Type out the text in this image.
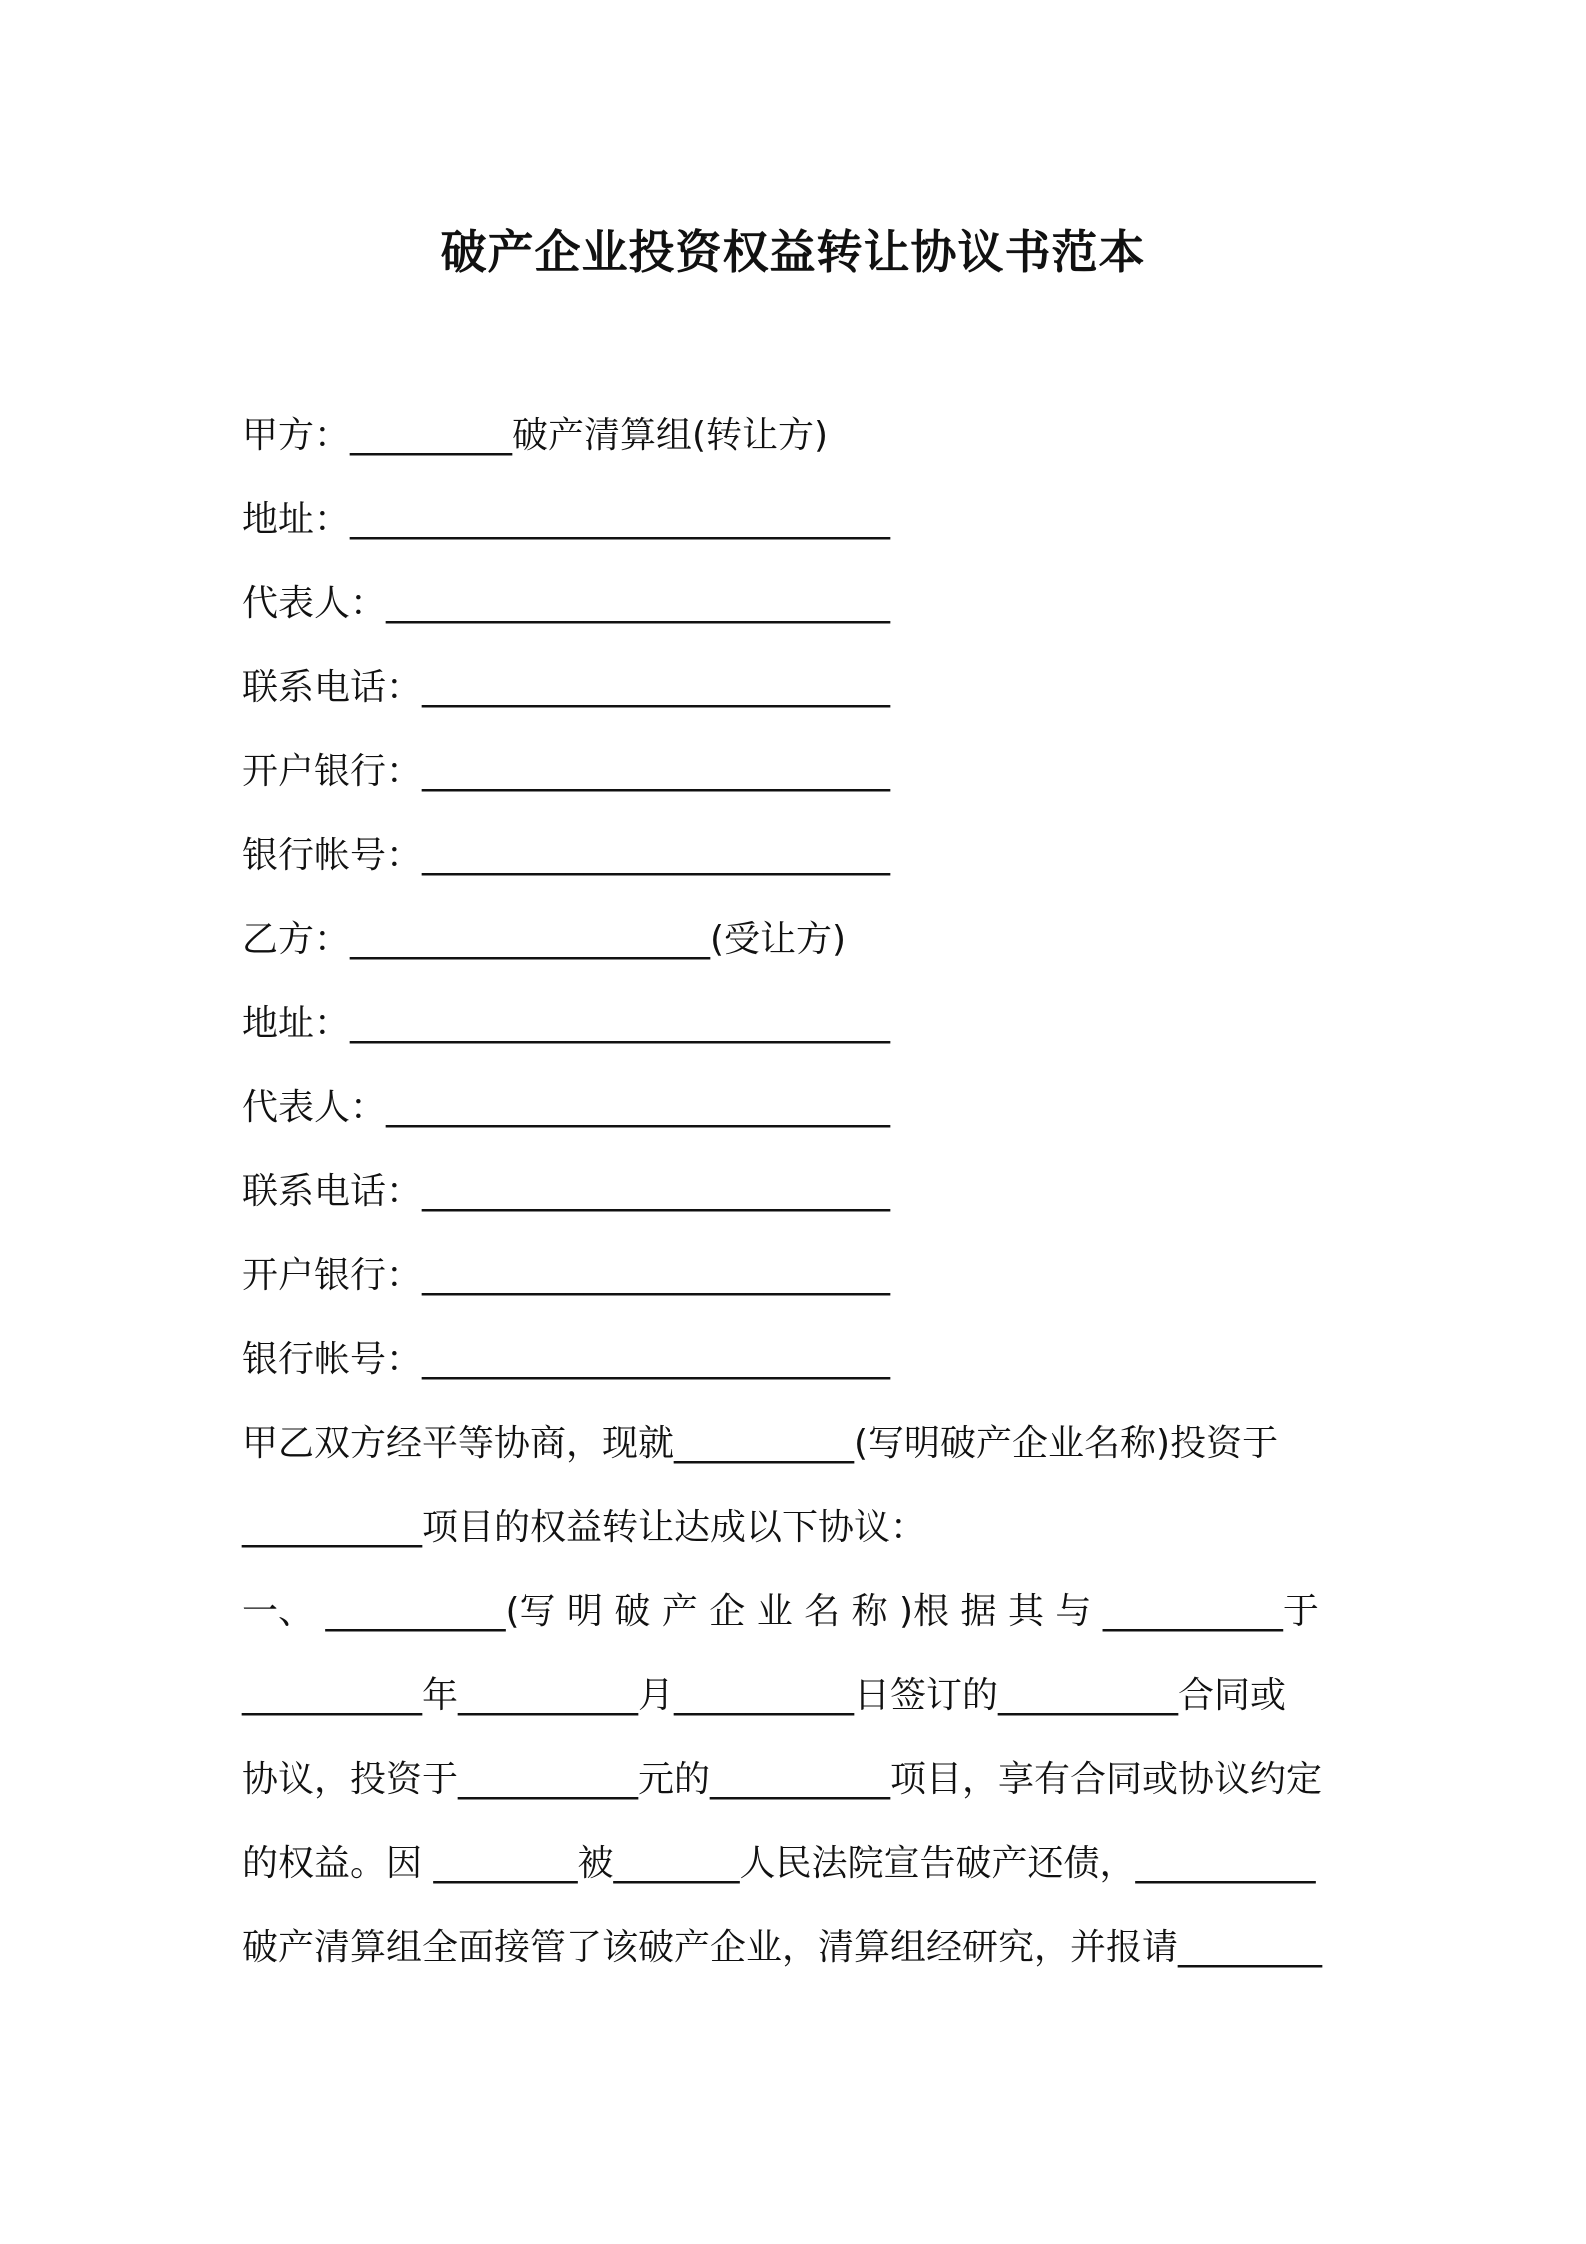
破产企业投资权益转让协议书范本
甲方：_________破产清算组(转让方)
地址：______________________________
代表人：____________________________
联系电话：__________________________
开户银行：__________________________
银行帐号：__________________________
乙方：____________________(受让方)
地址：______________________________
代表人：____________________________
联系电话：__________________________
开户银行：__________________________
银行帐号：__________________________
甲乙双方经平等协商，现就__________(写明破产企业名称)投资于
__________项目的权益转让达成以下协议：
一、 __________(写 明 破 产 企 业 名 称 )根 据 其 与 __________于
__________年__________月__________日签订的__________合同或
协议，投资于__________元的__________项目，享有合同或协议约定
的权益。因 ________被_______人民法院宣告破产还债，__________
破产清算组全面接管了该破产企业，清算组经研究，并报请________
